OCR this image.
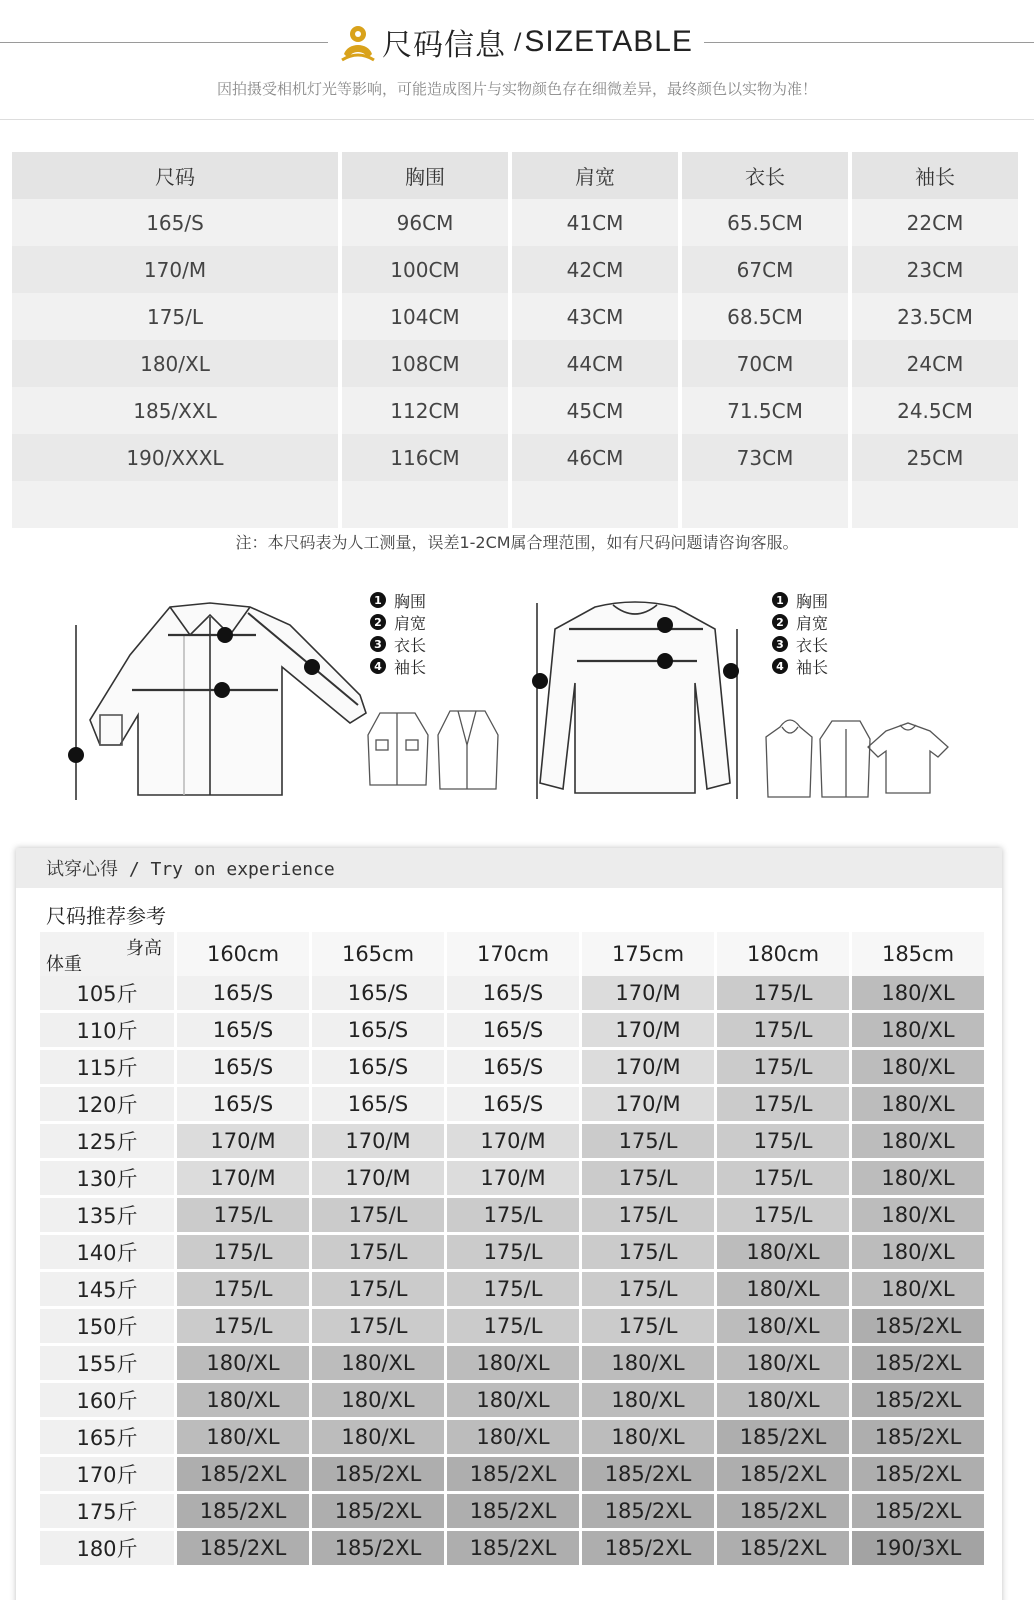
尺码信息 / SIZETABLE
因拍摄受相机灯光等影响，可能造成图片与实物颜色存在细微差异，最终颜色以实物为准！
尺码	胸围	肩宽	衣长	袖长
165/S	96CM	41CM	65.5CM	22CM
170/M	100CM	42CM	67CM	23CM
175/L	104CM	43CM	68.5CM	23.5CM
180/XL	108CM	44CM	70CM	24CM
185/XXL	112CM	45CM	71.5CM	24.5CM
190/XXXL	116CM	46CM	73CM	25CM
注：本尺码表为人工测量，误差1-2CM属合理范围，如有尺码问题请咨询客服。
1 胸围
2 肩宽
3 衣长
4 袖长
1 胸围
2 肩宽
3 衣长
4 袖长
试穿心得 / Try on experience
尺码推荐参考
身高
体重	160cm	165cm	170cm	175cm	180cm	185cm
105斤	165/S	165/S	165/S	170/M	175/L	180/XL
110斤	165/S	165/S	165/S	170/M	175/L	180/XL
115斤	165/S	165/S	165/S	170/M	175/L	180/XL
120斤	165/S	165/S	165/S	170/M	175/L	180/XL
125斤	170/M	170/M	170/M	175/L	175/L	180/XL
130斤	170/M	170/M	170/M	175/L	175/L	180/XL
135斤	175/L	175/L	175/L	175/L	175/L	180/XL
140斤	175/L	175/L	175/L	175/L	180/XL	180/XL
145斤	175/L	175/L	175/L	175/L	180/XL	180/XL
150斤	175/L	175/L	175/L	175/L	180/XL	185/2XL
155斤	180/XL	180/XL	180/XL	180/XL	180/XL	185/2XL
160斤	180/XL	180/XL	180/XL	180/XL	180/XL	185/2XL
165斤	180/XL	180/XL	180/XL	180/XL	185/2XL	185/2XL
170斤	185/2XL	185/2XL	185/2XL	185/2XL	185/2XL	185/2XL
175斤	185/2XL	185/2XL	185/2XL	185/2XL	185/2XL	185/2XL
180斤	185/2XL	185/2XL	185/2XL	185/2XL	185/2XL	190/3XL
